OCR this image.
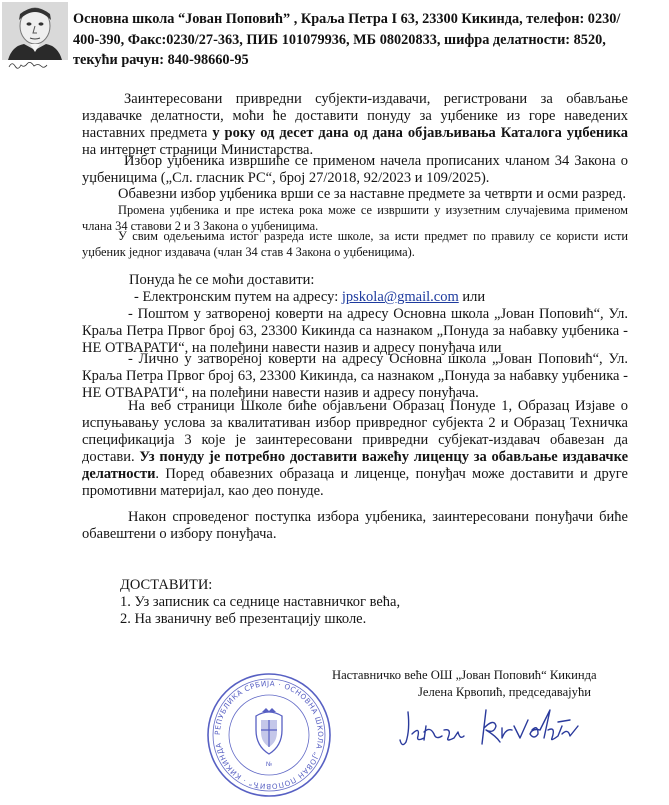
Основна школа “Јован Поповић” , Краља Петра I 63, 23300 Кикинда, телефон: 0230/
400-390, Факс:0230/27-363, ПИБ 101079936, МБ 08020833, шифра делатности: 8520,
текући рачун: 840-98660-95

Заинтересовани привредни субјекти-издавачи, регистровани за обављање издавачке делатности, моћи ће доставити понуду за уџбенике из горе наведених наставних предмета у року од десет дана од дана објављивања Каталога уџбеника на интернет страници Министарства.

Избор уџбеника извршиће се применом начела прописаних чланом 34 Закона о уџбеницима („Сл. гласник РС“, број 27/2018, 92/2023 и 109/2025).

Обавезни избор уџбеника врши се за наставне предмете за четврти и осми разред.

Промена уџбеника и пре истека рока може се извршити у изузетним случајевима применом члана 34 ставови 2 и 3 Закона о уџбеницима.

У свим одељењима истог разреда исте школе, за исти предмет по правилу се користи исти уџбеник једног издавача (члан 34 став 4 Закона о уџбеницима).

Понуда ће се моћи доставити:
- Електронским путем на адресу: jpskola@gmail.com или

- Поштом у затвореној коверти на адресу Основна школа „Јован Поповић“, Ул. Краља Петра Првог број 63, 23300 Кикинда са назнаком „Понуда за набавку уџбеника - НЕ ОТВАРАТИ“, на полеђини навести назив и адресу понуђача или

- Лично у затвореној коверти на адресу Основна школа „Јован Поповић“, Ул. Краља Петра Првог број 63, 23300 Кикинда, са назнаком „Понуда за набавку уџбеника - НЕ ОТВАРАТИ“, на полеђини навести назив и адресу понуђача.

На веб страници Школе биће објављени Образац Понуде 1, Образац Изјаве о испуњавању услова за квалитативан избор привредног субјекта 2 и Образац Техничка спецификација 3 које је заинтересовани привредни субјекат-издавач обавезан да достави. Уз понуду је потребно доставити важећу лиценцу за обављање издавачке делатности. Поред обавезних образаца и лиценце, понуђач може доставити и друге промотивни материјал, као део понуде.

Након спроведеног поступка избора уџбеника, заинтересовани понуђачи биће обавештени о избору понуђача.

ДОСТАВИТИ:
1. Уз записник са седнице наставничког већа,
2. На званичну веб презентацију школе.
Наставничко веће ОШ „Јован Поповић“ Кикинда
Јелена Крвопић, председавајући
РЕПУБЛИКА СРБИЈА · ОСНОВНА ШКОЛА „ЈОВАН ПОПОВИЋ“ · КИКИНДА
№
